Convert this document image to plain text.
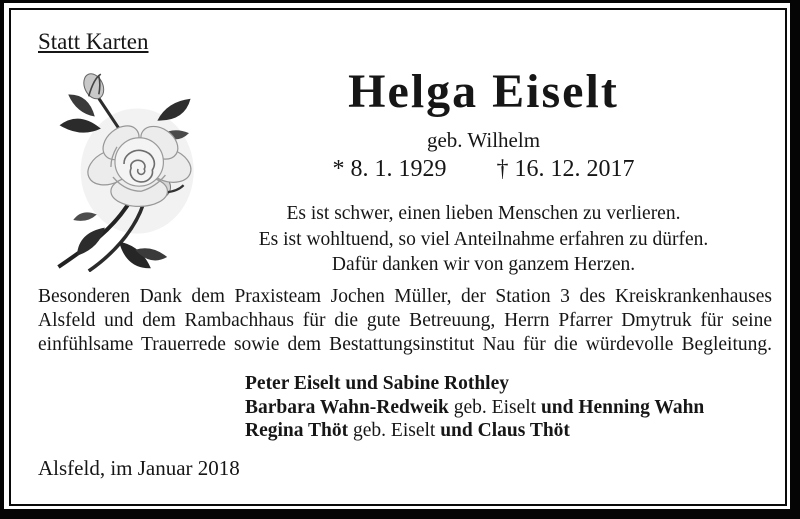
Statt Karten
Helga Eiselt
geb. Wilhelm
* 8. 1. 1929 † 16. 12. 2017
Es ist schwer, einen lieben Menschen zu verlieren.
Es ist wohltuend, so viel Anteilnahme erfahren zu dürfen.
Dafür danken wir von ganzem Herzen.
Besonderen Dank dem Praxisteam Jochen Müller, der Station 3 des Kreiskrankenhauses
Alsfeld und dem Rambachhaus für die gute Betreuung, Herrn Pfarrer Dmytruk für seine
einfühlsame Trauerrede sowie dem Bestattungsinstitut Nau für die würdevolle Begleitung.
Peter Eiselt und Sabine Rothley
Barbara Wahn-Redweik geb. Eiselt und Henning Wahn
Regina Thöt geb. Eiselt und Claus Thöt
Alsfeld, im Januar 2018
